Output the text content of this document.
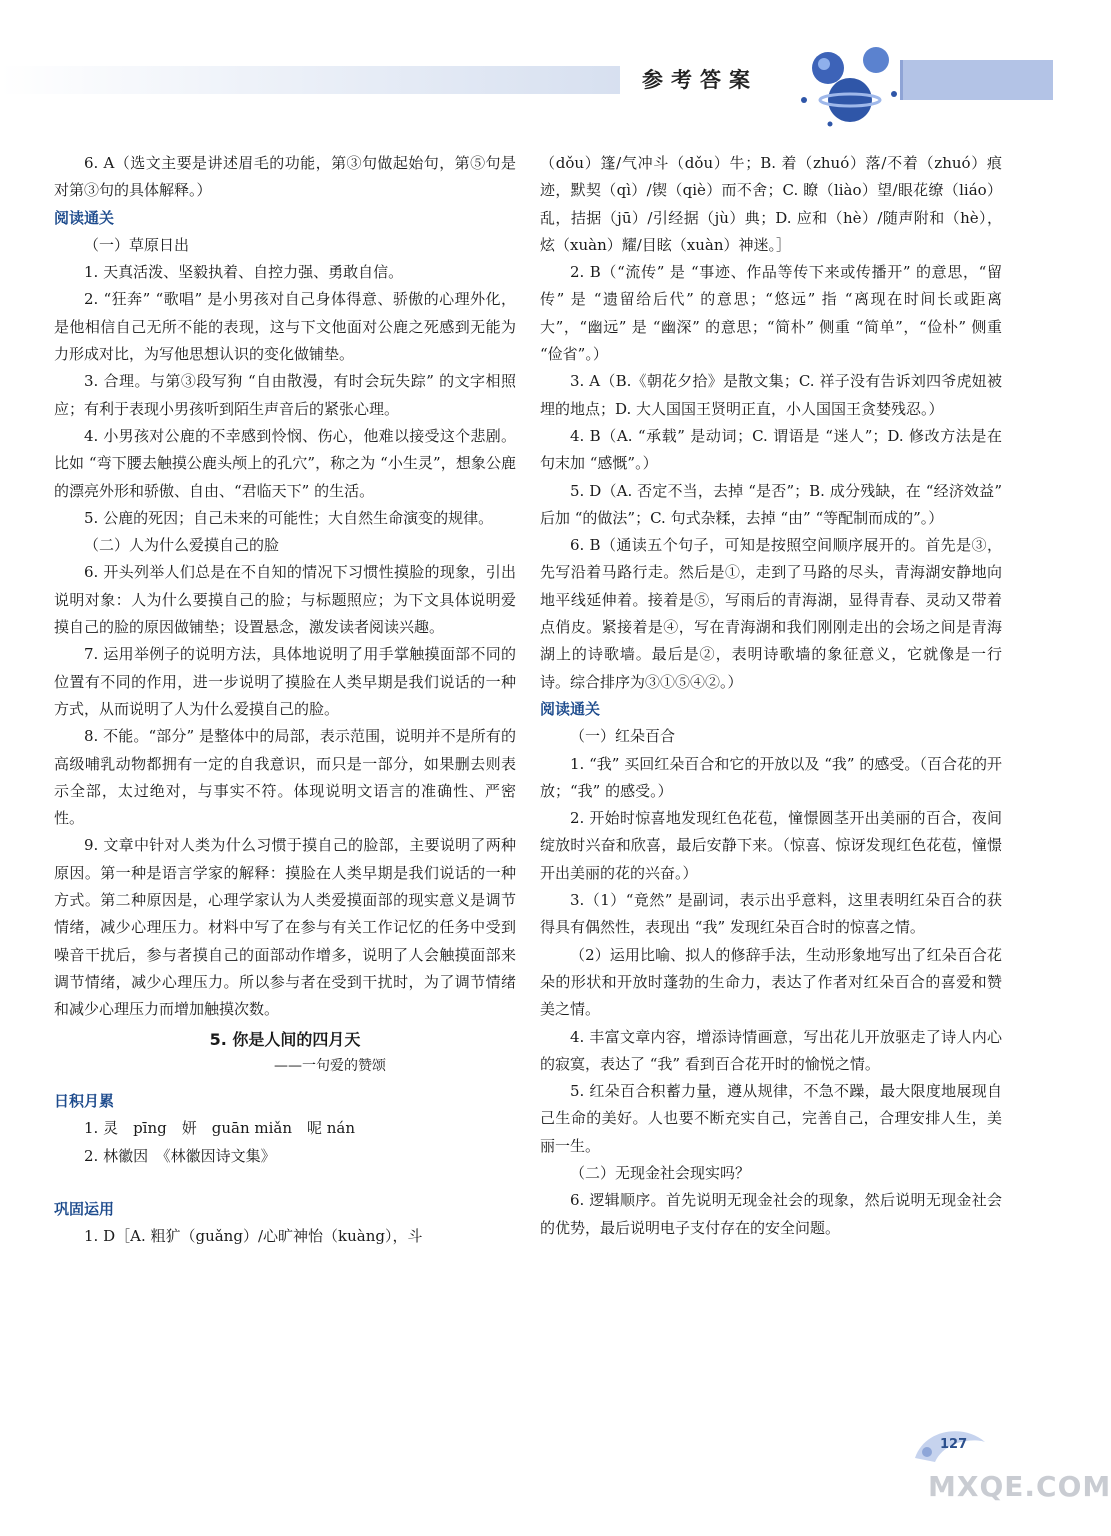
参考答案

6. A（选文主要是讲述眉毛的功能，第③句做起始句，第⑤句是对第③句的具体解释。）

阅读通关

（一）草原日出

1. 天真活泼、坚毅执着、自控力强、勇敢自信。

2. “狂奔” “歌唱” 是小男孩对自己身体得意、骄傲的心理外化，是他相信自己无所不能的表现，这与下文他面对公鹿之死感到无能为力形成对比，为写他思想认识的变化做铺垫。

3. 合理。与第③段写狗 “自由散漫，有时会玩失踪” 的文字相照应；有利于表现小男孩听到陌生声音后的紧张心理。

4. 小男孩对公鹿的不幸感到怜悯、伤心，他难以接受这个悲剧。比如 “弯下腰去触摸公鹿头颅上的孔穴”，称之为 “小生灵”，想象公鹿的漂亮外形和骄傲、自由、“君临天下” 的生活。

5. 公鹿的死因；自己未来的可能性；大自然生命演变的规律。

（二）人为什么爱摸自己的脸

6. 开头列举人们总是在不自知的情况下习惯性摸脸的现象，引出说明对象：人为什么要摸自己的脸；与标题照应；为下文具体说明爱摸自己的脸的原因做铺垫；设置悬念，激发读者阅读兴趣。

7. 运用举例子的说明方法，具体地说明了用手掌触摸面部不同的位置有不同的作用，进一步说明了摸脸在人类早期是我们说话的一种方式，从而说明了人为什么爱摸自己的脸。

8. 不能。“部分” 是整体中的局部，表示范围，说明并不是所有的高级哺乳动物都拥有一定的自我意识，而只是一部分，如果删去则表示全部，太过绝对，与事实不符。体现说明文语言的准确性、严密性。

9. 文章中针对人类为什么习惯于摸自己的脸部，主要说明了两种原因。第一种是语言学家的解释：摸脸在人类早期是我们说话的一种方式。第二种原因是，心理学家认为人类爱摸面部的现实意义是调节情绪，减少心理压力。材料中写了在参与有关工作记忆的任务中受到噪音干扰后，参与者摸自己的面部动作增多，说明了人会触摸面部来调节情绪，减少心理压力。所以参与者在受到干扰时，为了调节情绪和减少心理压力而增加触摸次数。

5. 你是人间的四月天

——一句爱的赞颂

日积月累

1. 灵　pīng　妍　guān miǎn　呢 nán

2. 林徽因　《林徽因诗文集》

巩固运用

1. D［A. 粗犷（guǎng）/心旷神怡（kuàng），斗

（dǒu）篷/气冲斗（dǒu）牛；B. 着（zhuó）落/不着（zhuó）痕迹，默契（qì）/锲（qiè）而不舍；C. 瞭（liào）望/眼花缭（liáo）乱，拮据（jū）/引经据（jù）典；D. 应和（hè）/随声附和（hè），炫（xuàn）耀/目眩（xuàn）神迷。］

2. B（“流传” 是 “事迹、作品等传下来或传播开” 的意思，“留传” 是 “遗留给后代” 的意思；“悠远” 指 “离现在时间长或距离大”，“幽远” 是 “幽深” 的意思；“简朴” 侧重 “简单”，“俭朴” 侧重 “俭省”。）

3. A（B.《朝花夕拾》是散文集；C. 祥子没有告诉刘四爷虎妞被埋的地点；D. 大人国国王贤明正直，小人国国王贪婪残忍。）

4. B（A. “承载” 是动词；C. 谓语是 “迷人”；D. 修改方法是在句末加 “感慨”。）

5. D（A. 否定不当，去掉 “是否”；B. 成分残缺，在 “经济效益” 后加 “的做法”；C. 句式杂糅，去掉 “由” “等配制而成的”。）

6. B（通读五个句子，可知是按照空间顺序展开的。首先是③，先写沿着马路行走。然后是①，走到了马路的尽头，青海湖安静地向地平线延伸着。接着是⑤，写雨后的青海湖，显得青春、灵动又带着点俏皮。紧接着是④，写在青海湖和我们刚刚走出的会场之间是青海湖上的诗歌墙。最后是②，表明诗歌墙的象征意义，它就像是一行诗。综合排序为③①⑤④②。）

阅读通关

（一）红朵百合

1. “我” 买回红朵百合和它的开放以及 “我” 的感受。（百合花的开放；“我” 的感受。）

2. 开始时惊喜地发现红色花苞，憧憬圆茎开出美丽的百合，夜间绽放时兴奋和欣喜，最后安静下来。（惊喜、惊讶发现红色花苞，憧憬开出美丽的花的兴奋。）

3.（1）“竟然” 是副词，表示出乎意料，这里表明红朵百合的获得具有偶然性，表现出 “我” 发现红朵百合时的惊喜之情。

（2）运用比喻、拟人的修辞手法，生动形象地写出了红朵百合花朵的形状和开放时蓬勃的生命力，表达了作者对红朵百合的喜爱和赞美之情。

4. 丰富文章内容，增添诗情画意，写出花儿开放驱走了诗人内心的寂寞，表达了 “我” 看到百合花开时的愉悦之情。

5. 红朵百合积蓄力量，遵从规律，不急不躁，最大限度地展现自己生命的美好。人也要不断充实自己，完善自己，合理安排人生，美丽一生。

（二）无现金社会现实吗？

6. 逻辑顺序。首先说明无现金社会的现象，然后说明无现金社会的优势，最后说明电子支付存在的安全问题。

127
MXQE.COM
